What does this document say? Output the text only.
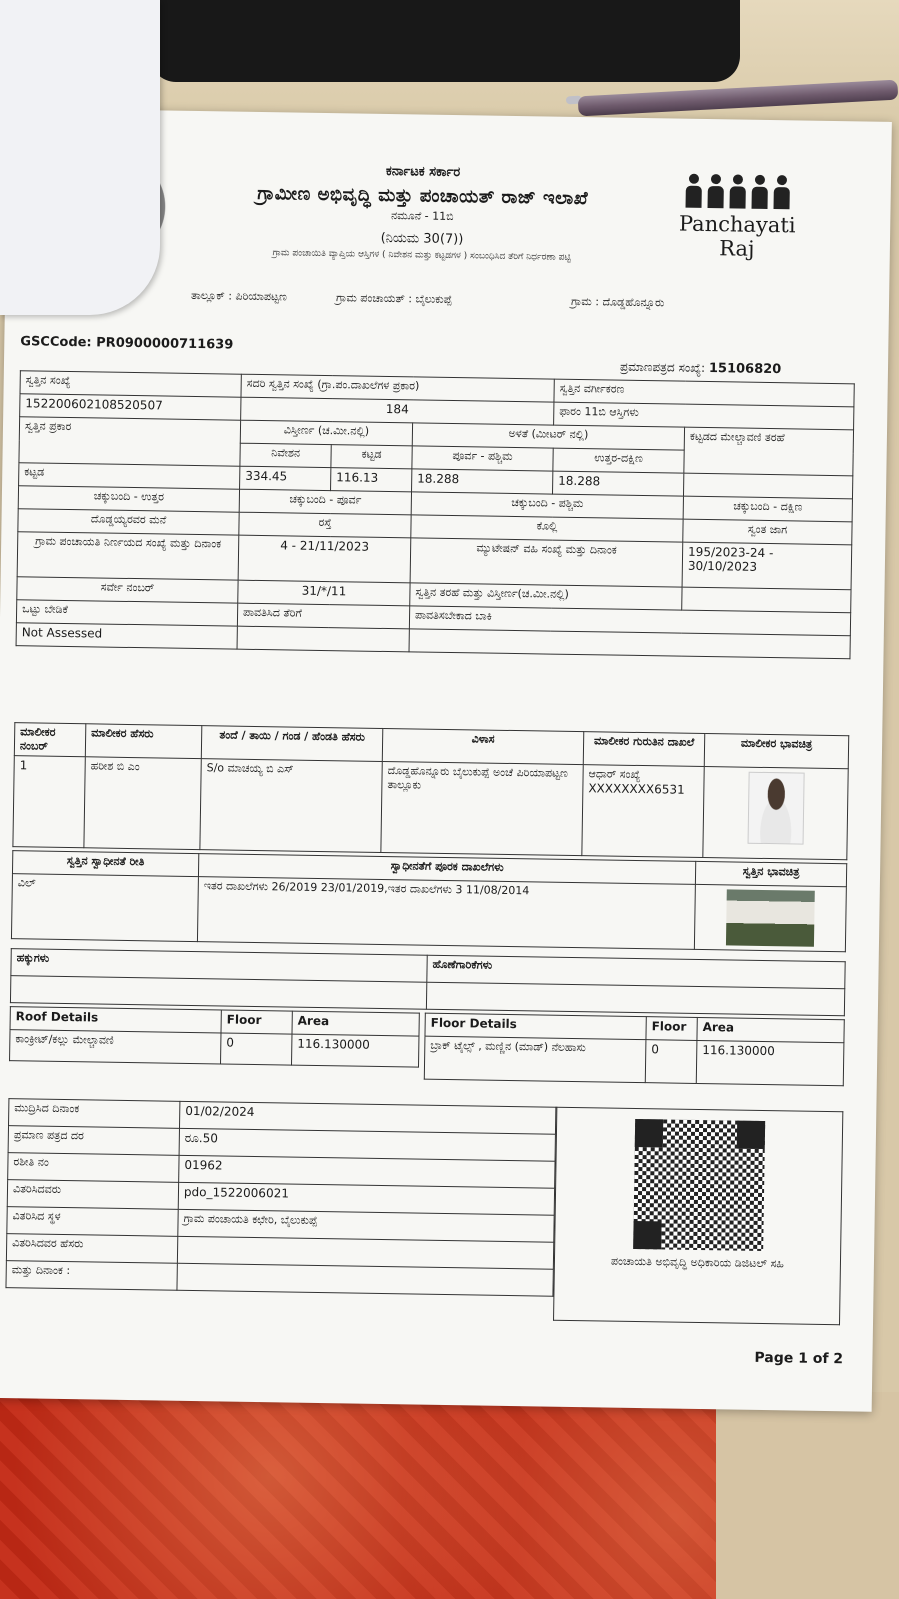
ಕರ್ನಾಟಕ ಸರ್ಕಾರ
ಗ್ರಾಮೀಣ ಅಭಿವೃದ್ಧಿ ಮತ್ತು ಪಂಚಾಯತ್ ರಾಜ್ ಇಲಾಖೆ
ನಮೂನೆ - 11ಬಿ
(ನಿಯಮ 30(7))
ಗ್ರಾಮ ಪಂಚಾಯಿತಿ ವ್ಯಾಪ್ತಿಯ ಆಸ್ತಿಗಳ ( ನಿವೇಶನ ಮತ್ತು ಕಟ್ಟಡಗಳ ) ಸಂಬಂಧಿಸಿದ ತೆರಿಗೆ ನಿರ್ಧರಣಾ ಪಟ್ಟಿ
Panchayati Raj
ತಾಲ್ಲೂಕ್ : ಪಿರಿಯಾಪಟ್ಟಣ	ಗ್ರಾಮ ಪಂಚಾಯತ್ : ಬೈಲುಕುಪ್ಪೆ	ಗ್ರಾಮ : ದೊಡ್ಡಹೊನ್ನೂರು
GSCCode: PR0900000711639
ಪ್ರಮಾಣಪತ್ರದ ಸಂಖ್ಯೆ: 15106820
ಸ್ವತ್ತಿನ ಸಂಖ್ಯೆ	ಸದರಿ ಸ್ವತ್ತಿನ ಸಂಖ್ಯೆ (ಗ್ರಾ.ಪಂ.ದಾಖಲೆಗಳ ಪ್ರಕಾರ)			ಸ್ವತ್ತಿನ ವರ್ಗೀಕರಣ	
152200602108520507	184			ಫಾರಂ 11ಬಿ ಆಸ್ತಿಗಳು	
ಸ್ವತ್ತಿನ ಪ್ರಕಾರ	ವಿಸ್ತೀರ್ಣ (ಚ.ಮೀ.ನಲ್ಲಿ)		ಅಳತೆ (ಮೀಟರ್ ನಲ್ಲಿ)		ಕಟ್ಟಡದ ಮೇಲ್ಚಾವಣಿ ತರಹೆ
	ನಿವೇಶನ	ಕಟ್ಟಡ	ಪೂರ್ವ - ಪಶ್ಚಿಮ	ಉತ್ತರ-ದಕ್ಷಿಣ	
ಕಟ್ಟಡ	334.45	116.13	18.288	18.288	
ಚಕ್ಕುಬಂದಿ - ಉತ್ತರ	ಚಕ್ಕುಬಂದಿ - ಪೂರ್ವ		ಚಕ್ಕುಬಂದಿ - ಪಶ್ಚಿಮ		ಚಕ್ಕುಬಂದಿ - ದಕ್ಷಿಣ
ದೊಡ್ಡಯ್ಯರವರ ಮನೆ	ರಸ್ತೆ		ಕೊಲ್ಲಿ		ಸ್ವಂತ ಜಾಗ
ಗ್ರಾಮ ಪಂಚಾಯತಿ ನಿರ್ಣಯದ ಸಂಖ್ಯೆ ಮತ್ತು ದಿನಾಂಕ	4 - 21/11/2023		ಮ್ಯುಟೇಷನ್ ವಹಿ ಸಂಖ್ಯೆ ಮತ್ತು ದಿನಾಂಕ		195/2023-24 - 30/10/2023
ಸರ್ವೇ ನಂಬರ್	31/*/11		ಸ್ವತ್ತಿನ ತರಹೆ ಮತ್ತು ವಿಸ್ತೀರ್ಣ(ಚ.ಮೀ.ನಲ್ಲಿ)		
ಒಟ್ಟು ಬೇಡಿಕೆ	ಪಾವತಿಸಿದ ತೆರಿಗೆ		ಪಾವತಿಸಬೇಕಾದ ಬಾಕಿ		
Not Assessed					
ಮಾಲೀಕರ ನಂಬರ್	ಮಾಲೀಕರ ಹೆಸರು	ತಂದೆ / ತಾಯಿ / ಗಂಡ / ಹೆಂಡತಿ ಹೆಸರು	ವಿಳಾಸ	ಮಾಲೀಕರ ಗುರುತಿನ ದಾಖಲೆ	ಮಾಲೀಕರ ಭಾವಚಿತ್ರ
1	ಹರೀಶ ಬಿ ಎಂ	S/o ಮಾಚಯ್ಯ ಬಿ ಎಸ್	ದೊಡ್ಡಹೊನ್ನೂರು ಬೈಲುಕುಪ್ಪೆ ಅಂಚೆ ಪಿರಿಯಾಪಟ್ಟಣ ತಾಲ್ಲೂಕು	ಆಧಾರ್ ಸಂಖ್ಯೆ
XXXXXXXX6531	

ಸ್ವತ್ತಿನ ಸ್ವಾಧೀನತೆ ರೀತಿ	ಸ್ವಾಧೀನತೆಗೆ ಪೂರಕ ದಾಖಲೆಗಳು	ಸ್ವತ್ತಿನ ಭಾವಚಿತ್ರ
ವಿಲ್	ಇತರ ದಾಖಲೆಗಳು 26/2019 23/01/2019,ಇತರ ದಾಖಲೆಗಳು 3 11/08/2014	
ಹಕ್ಕುಗಳು	ಹೊಣೆಗಾರಿಕೆಗಳು

Roof Details	Floor	Area
ಕಾಂಕ್ರೀಟ್/ಕಲ್ಲು ಮೇಲ್ಚಾವಣಿ	0	116.130000
Floor Details	Floor	Area
ಬ್ರಾಕ್ ಟೈಲ್ಸ್ , ಮಣ್ಣಿನ (ಮಾಡ್) ನೆಲಹಾಸು	0	116.130000
ಮುದ್ರಿಸಿದ ದಿನಾಂಕ	01/02/2024
ಪ್ರಮಾಣ ಪತ್ರದ ದರ	ರೂ.50
ರಶೀತಿ ನಂ	01962
ವಿತರಿಸಿದವರು	pdo_1522006021
ವಿತರಿಸಿದ ಸ್ಥಳ	ಗ್ರಾಮ ಪಂಚಾಯತಿ ಕಛೇರಿ, ಬೈಲುಕುಪ್ಪೆ
ವಿತರಿಸಿದವರ ಹೆಸರು	
ಮತ್ತು ದಿನಾಂಕ :		ಪಂಚಾಯತಿ ಅಭಿವೃದ್ಧಿ ಅಧಿಕಾರಿಯ ಡಿಜಿಟಲ್ ಸಹಿ
Page 1 of 2
